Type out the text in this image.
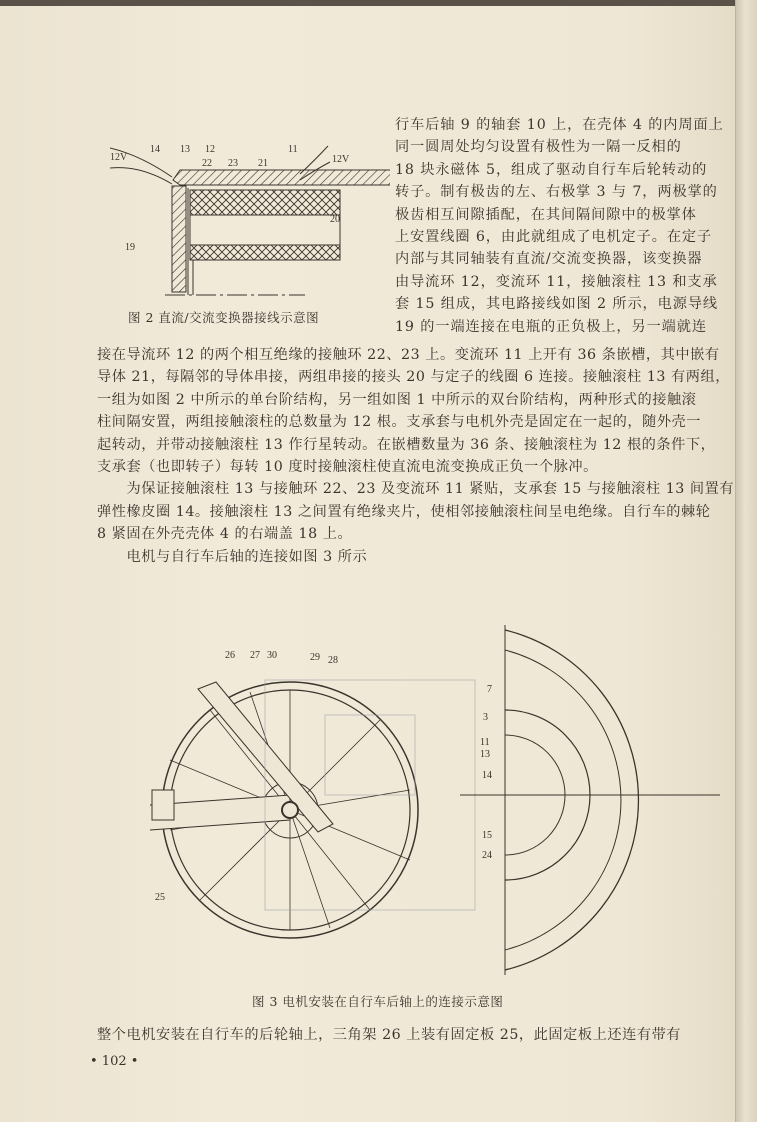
14 13 12
22 23 21
11
12V
12V
19
20
图 2 直流/交流变换器接线示意图

行车后轴 9 的轴套 10 上，在壳体 4 的内周面上

同一圆周处均匀设置有极性为一隔一反相的

18 块永磁体 5，组成了驱动自行车后轮转动的

转子。制有极齿的左、右极掌 3 与 7，两极掌的

极齿相互间隙插配，在其间隔间隙中的极掌体

上安置线圈 6，由此就组成了电机定子。在定子

内部与其同轴装有直流/交流变换器，该变换器

由导流环 12，变流环 11，接触滚柱 13 和支承

套 15 组成，其电路接线如图 2 所示，电源导线

19 的一端连接在电瓶的正负极上，另一端就连

接在导流环 12 的两个相互绝缘的接触环 22、23 上。变流环 11 上开有 36 条嵌槽，其中嵌有

导体 21，每隔邻的导体串接，两组串接的接头 20 与定子的线圈 6 连接。接触滚柱 13 有两组，

一组为如图 2 中所示的单台阶结构，另一组如图 1 中所示的双台阶结构，两种形式的接触滚

柱间隔安置，两组接触滚柱的总数量为 12 根。支承套与电机外壳是固定在一起的，随外壳一

起转动，并带动接触滚柱 13 作行星转动。在嵌槽数量为 36 条、接触滚柱为 12 根的条件下，

支承套（也即转子）每转 10 度时接触滚柱使直流电流变换成正负一个脉冲。

　　为保证接触滚柱 13 与接触环 22、23 及变流环 11 紧贴，支承套 15 与接触滚柱 13 间置有

弹性橡皮圈 14。接触滚柱 13 之间置有绝缘夹片，使相邻接触滚柱间呈电绝缘。自行车的棘轮

8 紧固在外壳壳体 4 的右端盖 18 上。

　　电机与自行车后轴的连接如图 3 所示

26 27 30	29 28
25
7
3
11
13
14
15
24
图 3 电机安装在自行车后轴上的连接示意图
整个电机安装在自行车的后轮轴上，三角架 26 上装有固定板 25，此固定板上还连有带有
• 102 •
